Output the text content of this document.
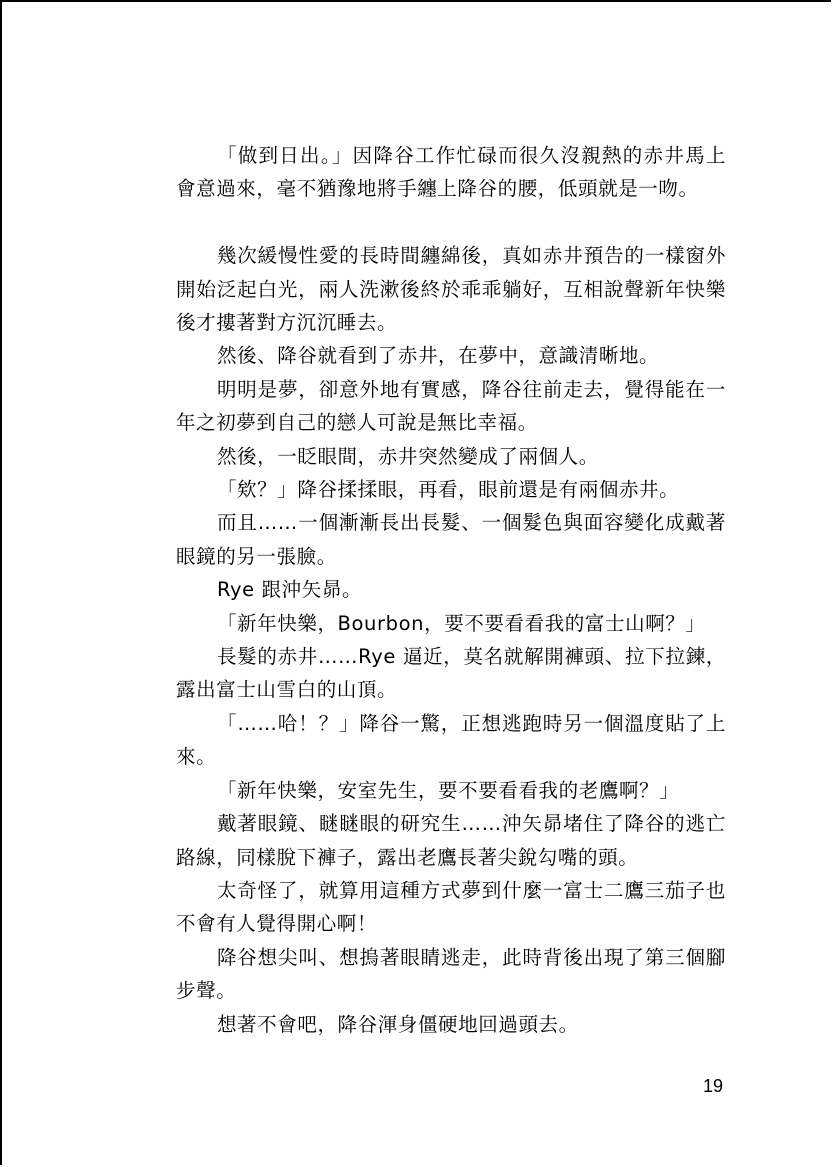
「做到日出。」因降谷工作忙碌而很久沒親熱的赤井馬上會意過來，毫不猶豫地將手纏上降谷的腰，低頭就是一吻。

幾次緩慢性愛的長時間纏綿後，真如赤井預告的一樣窗外開始泛起白光，兩人洗漱後終於乖乖躺好，互相說聲新年快樂後才摟著對方沉沉睡去。

然後、降谷就看到了赤井，在夢中，意識清晰地。

明明是夢，卻意外地有實感，降谷往前走去，覺得能在一年之初夢到自己的戀人可說是無比幸福。

然後，一眨眼間，赤井突然變成了兩個人。

「欸？」降谷揉揉眼，再看，眼前還是有兩個赤井。

而且……一個漸漸長出長髮、一個髮色與面容變化成戴著眼鏡的另一張臉。

Rye 跟沖矢昴。

「新年快樂，Bourbon，要不要看看我的富士山啊？」

長髮的赤井……Rye 逼近，莫名就解開褲頭、拉下拉鍊，露出富士山雪白的山頂。

「……哈！？」降谷一驚，正想逃跑時另一個溫度貼了上來。

「新年快樂，安室先生，要不要看看我的老鷹啊？」

戴著眼鏡、瞇瞇眼的研究生……沖矢昴堵住了降谷的逃亡路線，同樣脫下褲子，露出老鷹長著尖銳勾嘴的頭。

太奇怪了，就算用這種方式夢到什麼一富士二鷹三茄子也不會有人覺得開心啊！

降谷想尖叫、想摀著眼睛逃走，此時背後出現了第三個腳步聲。

想著不會吧，降谷渾身僵硬地回過頭去。

19
